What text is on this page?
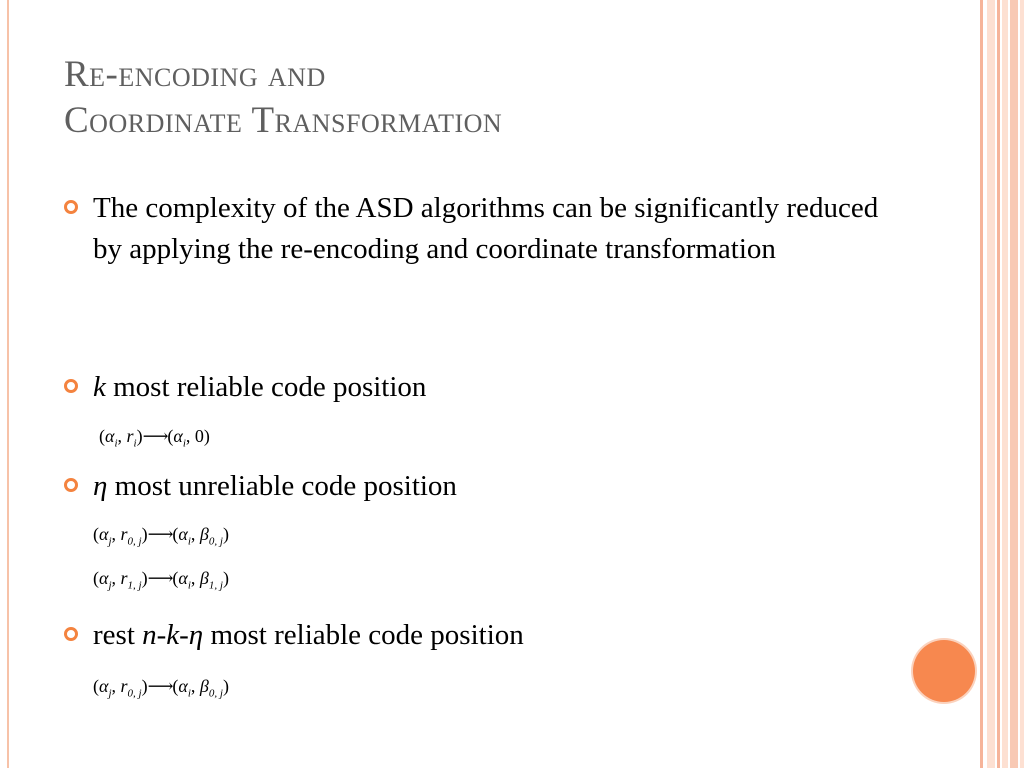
Re-encoding and
Coordinate Transformation
The complexity of the ASD algorithms can be significantly reduced by applying the re-encoding and coordinate transformation
k most reliable code position
($\alpha_i$, $r_i)⟶(\alpha_i$, 0)
η most unreliable code position
($\alpha_j$, $r_{0, j})⟶(\alpha_i$, $\beta_{0, j}$)
($\alpha_j$, $r_{1, j})⟶(\alpha_i$, $\beta_{1, j}$)
rest n-k-η most reliable code position
($\alpha_j$, $r_{0, j})⟶(\alpha_i$, $\beta_{0, j}$)
